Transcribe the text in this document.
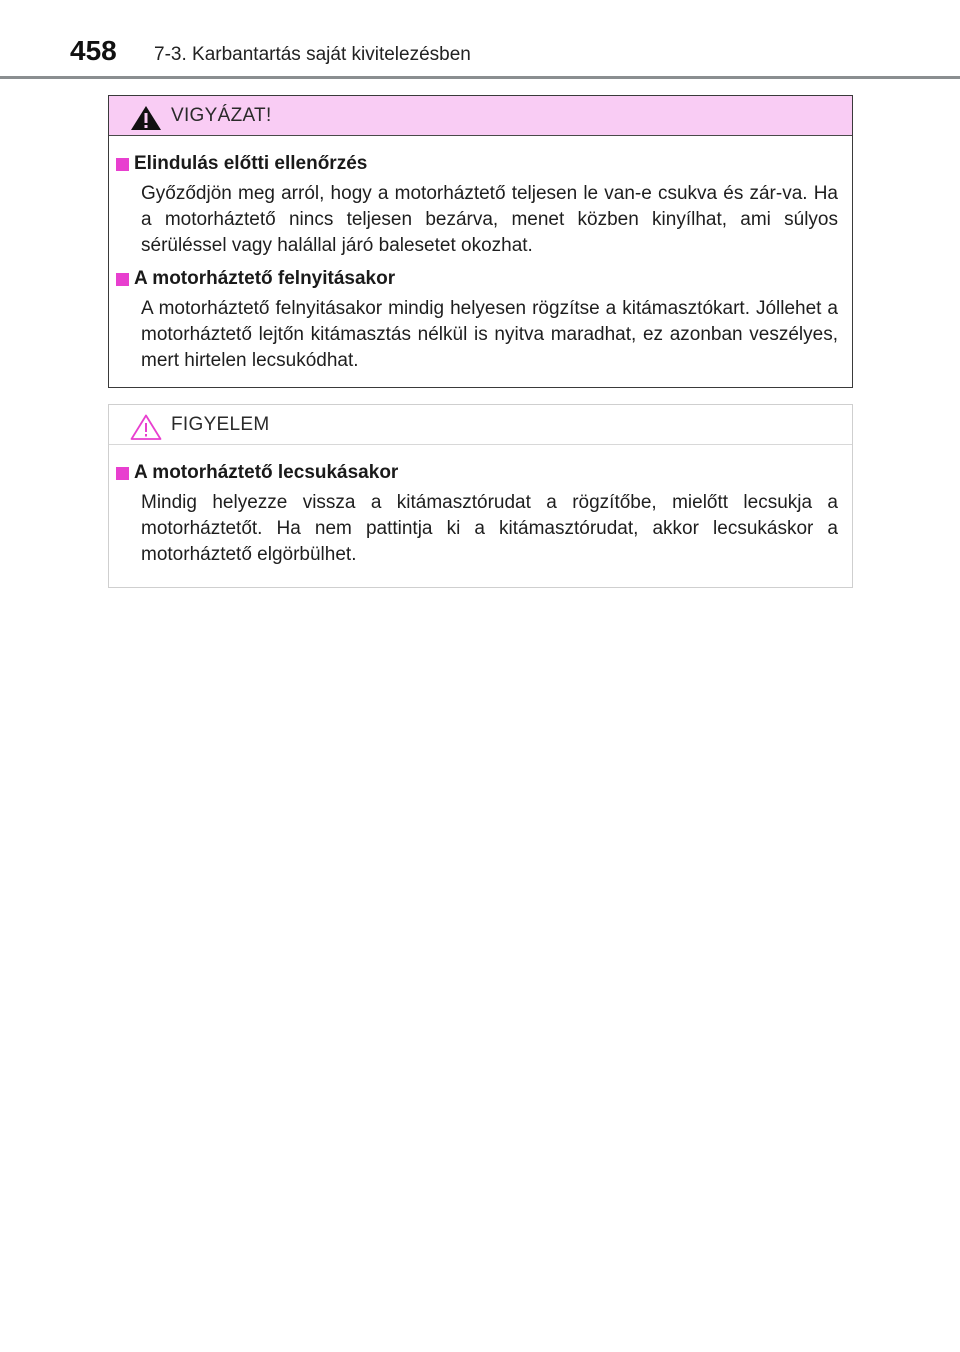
458 7-3. Karbantartás saját kivitelezésben
VIGYÁZAT!
Elindulás előtti ellenőrzés

Győződjön meg arról, hogy a motorháztető teljesen le van-e csukva és zár-va. Ha a motorháztető nincs teljesen bezárva, menet közben kinyílhat, ami súlyos sérüléssel vagy halállal járó balesetet okozhat.

A motorháztető felnyitásakor

A motorháztető felnyitásakor mindig helyesen rögzítse a kitámasztókart. Jóllehet a motorháztető lejtőn kitámasztás nélkül is nyitva maradhat, ez azonban veszélyes, mert hirtelen lecsukódhat.

FIGYELEM
A motorháztető lecsukásakor

Mindig helyezze vissza a kitámasztórudat a rögzítőbe, mielőtt lecsukja a motorháztetőt. Ha nem pattintja ki a kitámasztórudat, akkor lecsukáskor a motorháztető elgörbülhet.
